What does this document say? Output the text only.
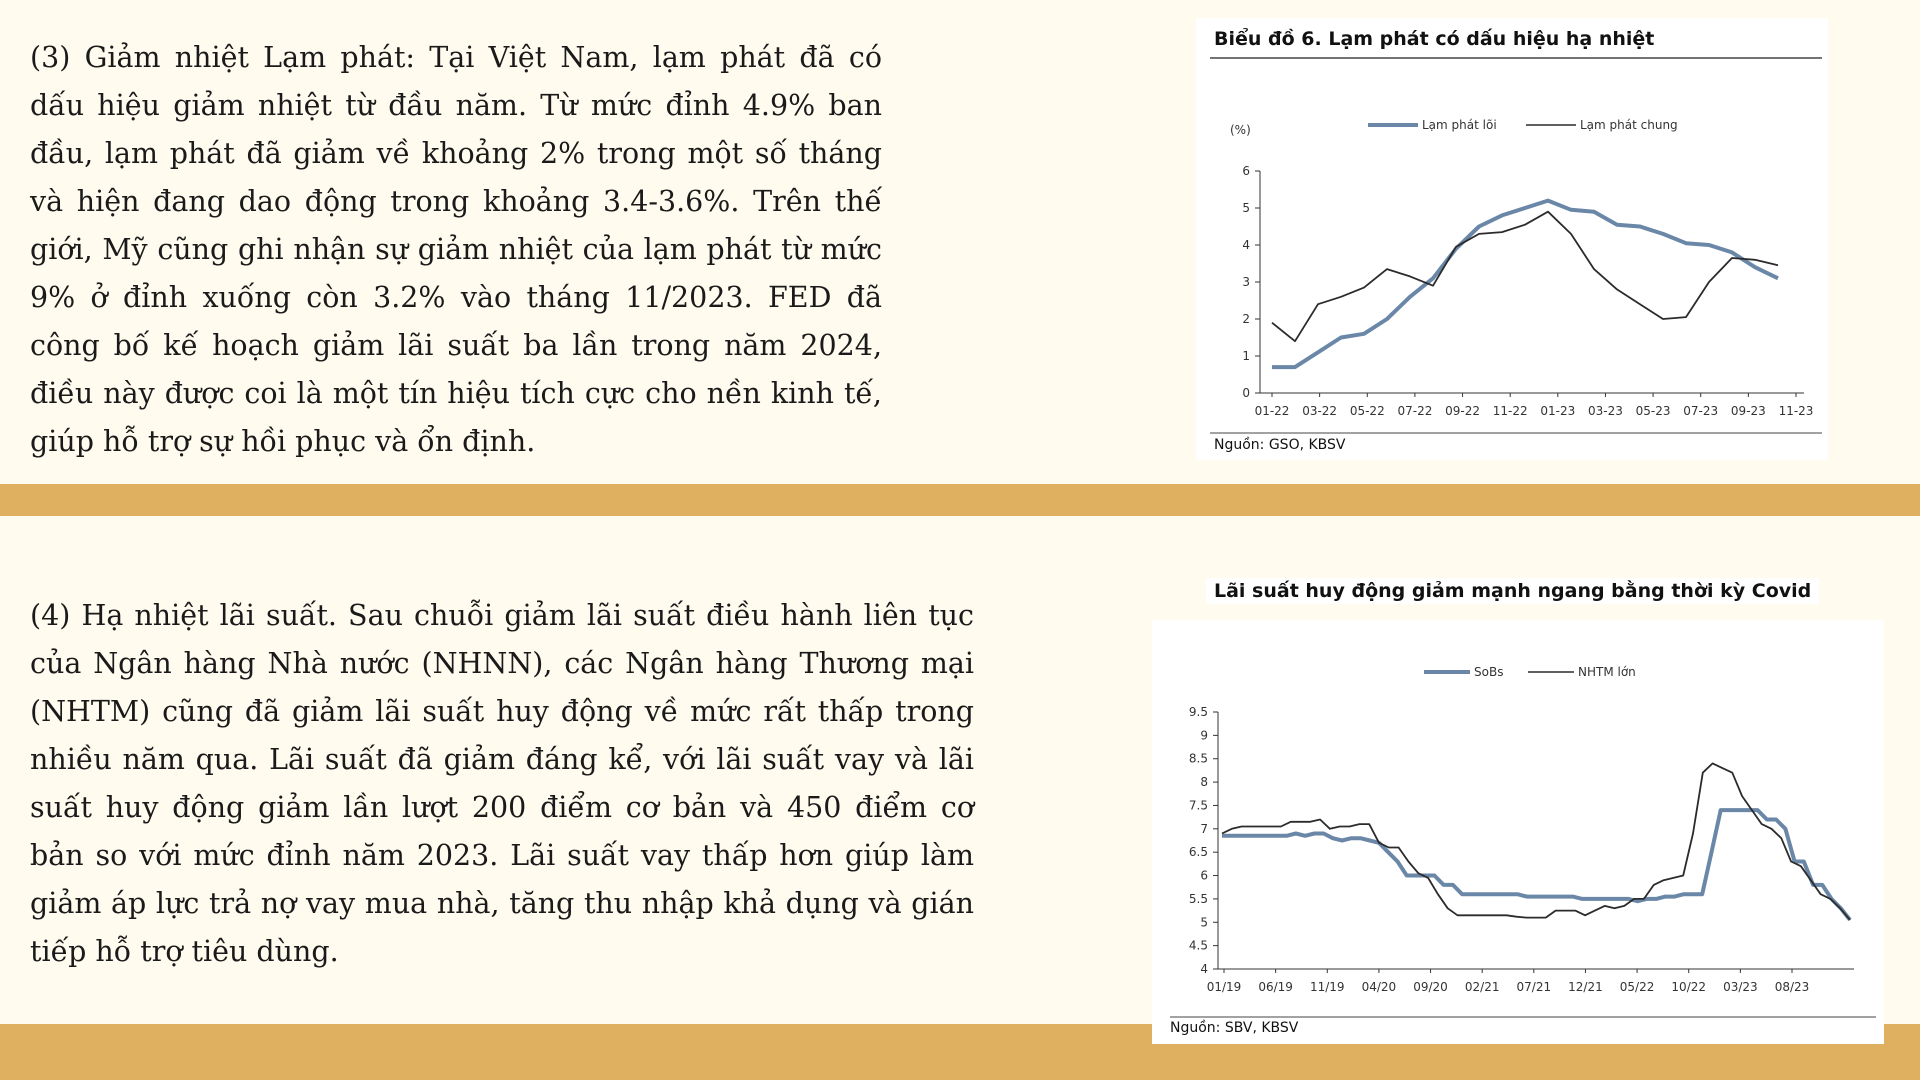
(3) Giảm nhiệt Lạm phát: Tại Việt Nam, lạm phát đã có
dấu hiệu giảm nhiệt từ đầu năm. Từ mức đỉnh 4.9% ban
đầu, lạm phát đã giảm về khoảng 2% trong một số tháng
và hiện đang dao động trong khoảng 3.4-3.6%. Trên thế
giới, Mỹ cũng ghi nhận sự giảm nhiệt của lạm phát từ mức
9% ở đỉnh xuống còn 3.2% vào tháng 11/2023. FED đã
công bố kế hoạch giảm lãi suất ba lần trong năm 2024,
điều này được coi là một tín hiệu tích cực cho nền kinh tế,
giúp hỗ trợ sự hồi phục và ổn định.

(4) Hạ nhiệt lãi suất. Sau chuỗi giảm lãi suất điều hành liên tục
của Ngân hàng Nhà nước (NHNN), các Ngân hàng Thương mại
(NHTM) cũng đã giảm lãi suất huy động về mức rất thấp trong
nhiều năm qua. Lãi suất đã giảm đáng kể, với lãi suất vay và lãi
suất huy động giảm lần lượt 200 điểm cơ bản và 450 điểm cơ
bản so với mức đỉnh năm 2023. Lãi suất vay thấp hơn giúp làm
giảm áp lực trả nợ vay mua nhà, tăng thu nhập khả dụng và gián
tiếp hỗ trợ tiêu dùng.

Biểu đồ 6. Lạm phát có dấu hiệu hạ nhiệt
0
1
2
3
4
5
6
01-22 03-22 05-22 07-22 09-22 11-22 01-23 03-23 05-23 07-23 09-23 11-23
(%)	Lạm phát lõi	Lạm phát chung
Nguồn: GSO, KBSV
Lãi suất huy động giảm mạnh ngang bằng thời kỳ Covid
4
4.5
5
5.5
6
6.5
7
7.5
8
8.5
9
9.5
01/19 06/19 11/19 04/20 09/20 02/21 07/21 12/21 05/22 10/22 03/23 08/23
SoBs	NHTM lớn
Nguồn: SBV, KBSV
